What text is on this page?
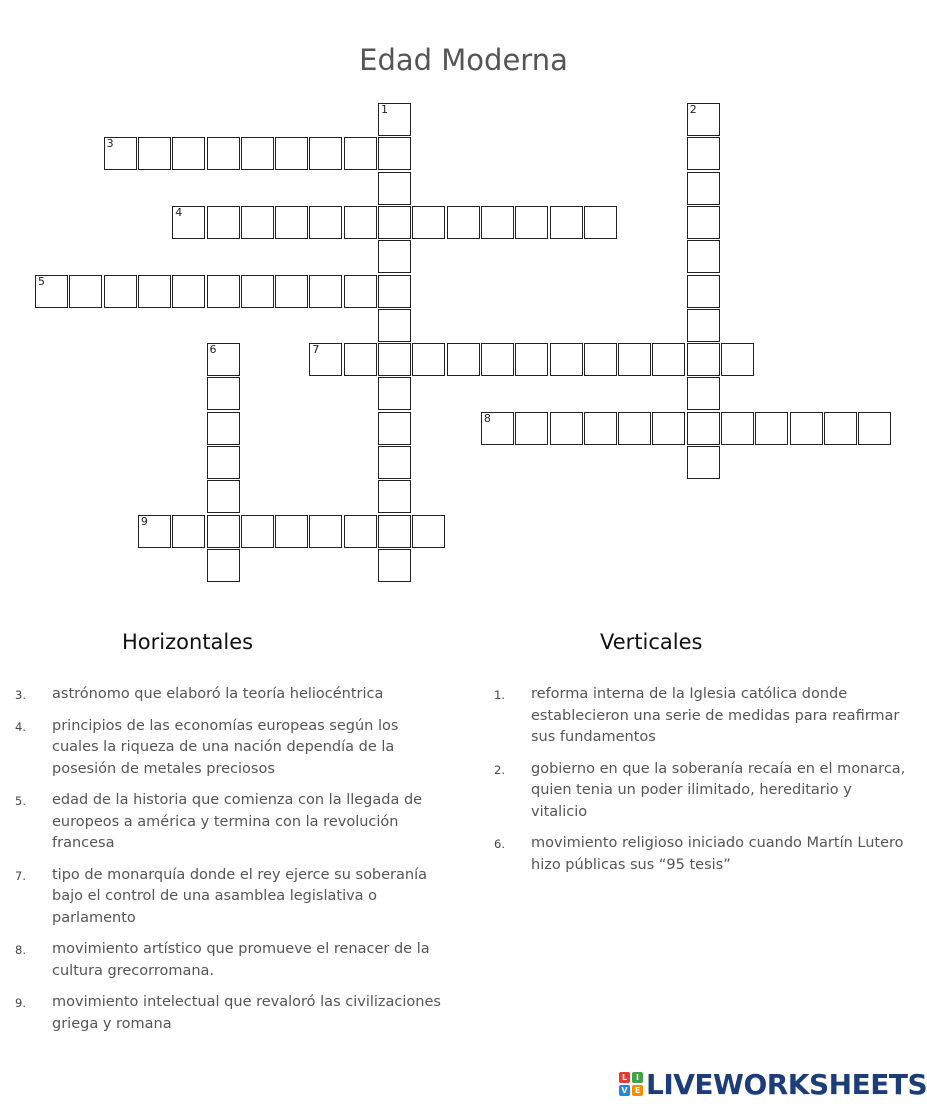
Edad Moderna
3
4
5
7
8
9
1	2
6
Horizontales	Verticales
3. astrónomo que elaboró la teoría heliocéntrica
4. principios de las economías europeas según los cuales la riqueza de una nación dependía de la posesión de metales preciosos
5. edad de la historia que comienza con la llegada de europeos a américa y termina con la revolución francesa
7. tipo de monarquía donde el rey ejerce su soberanía bajo el control de una asamblea legislativa o parlamento
8. movimiento artístico que promueve el renacer de la cultura grecorromana.
9. movimiento intelectual que revaloró las civilizaciones griega y romana
1. reforma interna de la Iglesia católica donde establecieron una serie de medidas para reafirmar sus fundamentos
2. gobierno en que la soberanía recaía en el monarca, quien tenia un poder ilimitado, hereditario y vitalicio
6. movimiento religioso iniciado cuando Martín Lutero hizo públicas sus “95 tesis”
L	I
V E LIVEWORKSHEETS
